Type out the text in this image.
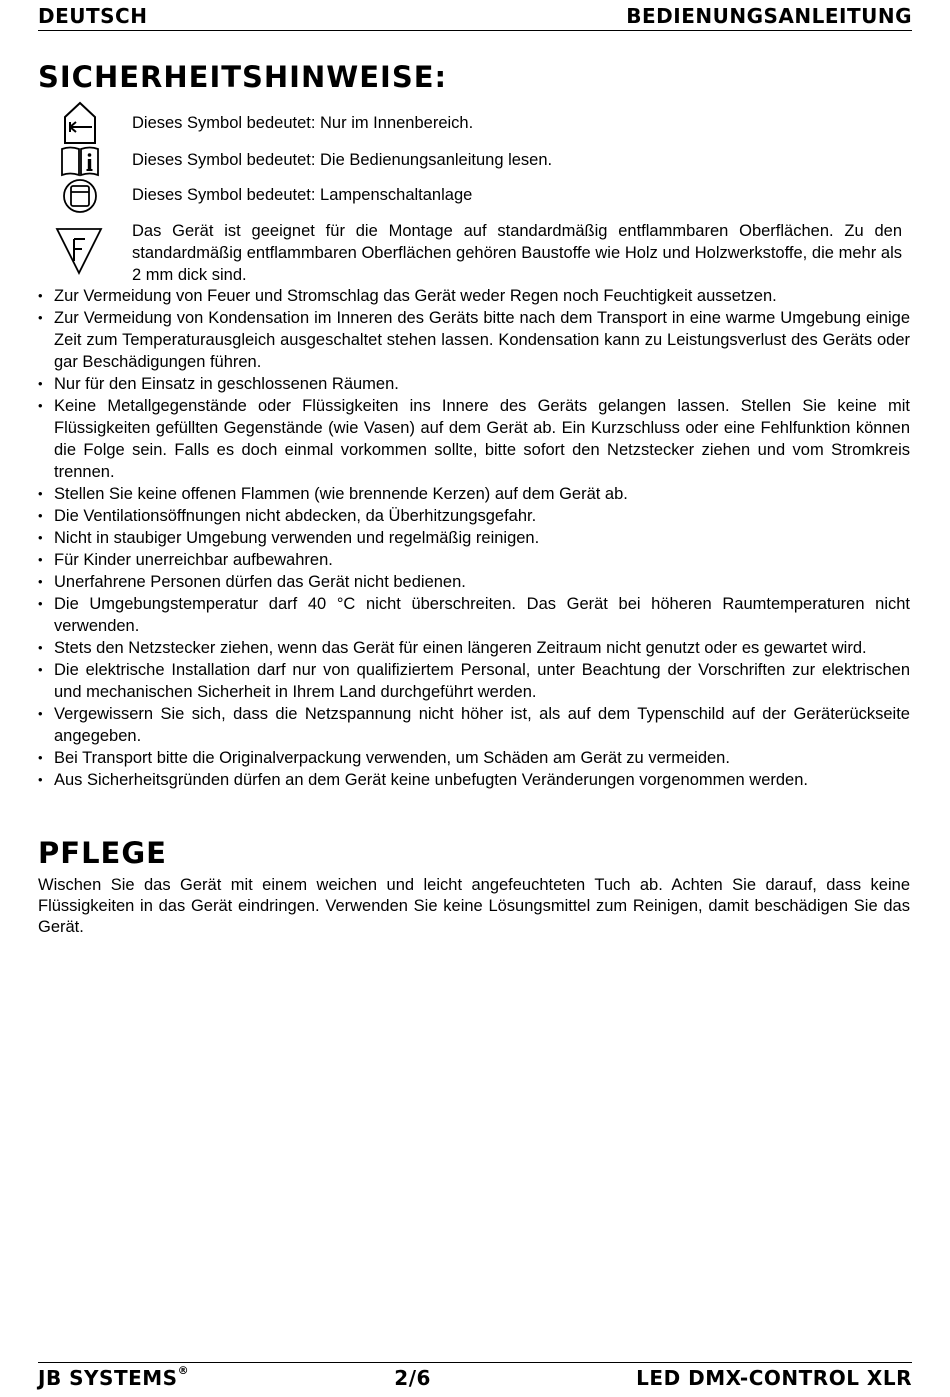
DEUTSCH	BEDIENUNGSANLEITUNG
SICHERHEITSHINWEISE:
Dieses Symbol bedeutet: Nur im Innenbereich.
Dieses Symbol bedeutet: Die Bedienungsanleitung lesen.
Dieses Symbol bedeutet: Lampenschaltanlage
Das Gerät ist geeignet für die Montage auf standardmäßig entflammbaren Oberflächen. Zu den standardmäßig entflammbaren Oberflächen gehören Baustoffe wie Holz und Holzwerkstoffe, die mehr als 2 mm dick sind.
• Zur Vermeidung von Feuer und Stromschlag das Gerät weder Regen noch Feuchtigkeit aussetzen.
• Zur Vermeidung von Kondensation im Inneren des Geräts bitte nach dem Transport in eine warme Umgebung einige Zeit zum Temperaturausgleich ausgeschaltet stehen lassen. Kondensation kann zu Leistungsverlust des Geräts oder gar Beschädigungen führen.
• Nur für den Einsatz in geschlossenen Räumen.
• Keine Metallgegenstände oder Flüssigkeiten ins Innere des Geräts gelangen lassen. Stellen Sie keine mit Flüssigkeiten gefüllten Gegenstände (wie Vasen) auf dem Gerät ab. Ein Kurzschluss oder eine Fehlfunktion können die Folge sein. Falls es doch einmal vorkommen sollte, bitte sofort den Netzstecker ziehen und vom Stromkreis trennen.
• Stellen Sie keine offenen Flammen (wie brennende Kerzen) auf dem Gerät ab.
• Die Ventilationsöffnungen nicht abdecken, da Überhitzungsgefahr.
• Nicht in staubiger Umgebung verwenden und regelmäßig reinigen.
• Für Kinder unerreichbar aufbewahren.
• Unerfahrene Personen dürfen das Gerät nicht bedienen.
• Die Umgebungstemperatur darf 40 °C nicht überschreiten. Das Gerät bei höheren Raumtemperaturen nicht verwenden.
• Stets den Netzstecker ziehen, wenn das Gerät für einen längeren Zeitraum nicht genutzt oder es gewartet wird.
• Die elektrische Installation darf nur von qualifiziertem Personal, unter Beachtung der Vorschriften zur elektrischen und mechanischen Sicherheit in Ihrem Land durchgeführt werden.
• Vergewissern Sie sich, dass die Netzspannung nicht höher ist, als auf dem Typenschild auf der Geräterückseite angegeben.
• Bei Transport bitte die Originalverpackung verwenden, um Schäden am Gerät zu vermeiden.
• Aus Sicherheitsgründen dürfen an dem Gerät keine unbefugten Veränderungen vorgenommen werden.
PFLEGE
Wischen Sie das Gerät mit einem weichen und leicht angefeuchteten Tuch ab. Achten Sie darauf, dass keine Flüssigkeiten in das Gerät eindringen. Verwenden Sie keine Lösungsmittel zum Reinigen, damit beschädigen Sie das Gerät.
JB SYSTEMS®	2/6	LED DMX-CONTROL XLR
